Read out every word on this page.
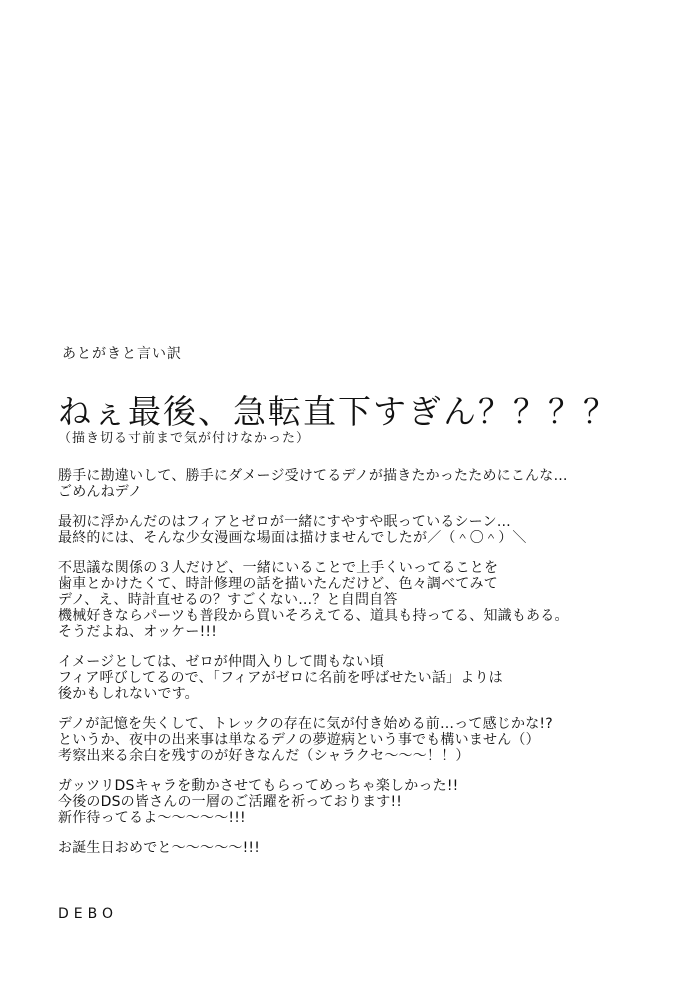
あとがきと言い訳
ねぇ最後、急転直下すぎん？？？？
（描き切る寸前まで気が付けなかった）
勝手に勘違いして、勝手にダメージ受けてるデノが描きたかったためにこんな…
ごめんねデノ
最初に浮かんだのはフィアとゼロが一緒にすやすや眠っているシーン…
最終的には、そんな少女漫画な場面は描けませんでしたが／（＾〇＾）＼
不思議な関係の３人だけど、一緒にいることで上手くいってることを
歯車とかけたくて、時計修理の話を描いたんだけど、色々調べてみて
デノ、え、時計直せるの？すごくない…？と自問自答
機械好きならパーツも普段から買いそろえてる、道具も持ってる、知識もある。
そうだよね、オッケー!!!
イメージとしては、ゼロが仲間入りして間もない頃
フィア呼びしてるので、「フィアがゼロに名前を呼ばせたい話」よりは
後かもしれないです。
デノが記憶を失くして、トレックの存在に気が付き始める前…って感じかな!?
というか、夜中の出来事は単なるデノの夢遊病という事でも構いません（）
考察出来る余白を残すのが好きなんだ（シャラクセ〜〜〜！！）
ガッツリDSキャラを動かさせてもらってめっちゃ楽しかった!!
今後のDSの皆さんの一層のご活躍を祈っております!!
新作待ってるよ〜〜〜〜〜!!!
お誕生日おめでと〜〜〜〜〜!!!
DEBO
